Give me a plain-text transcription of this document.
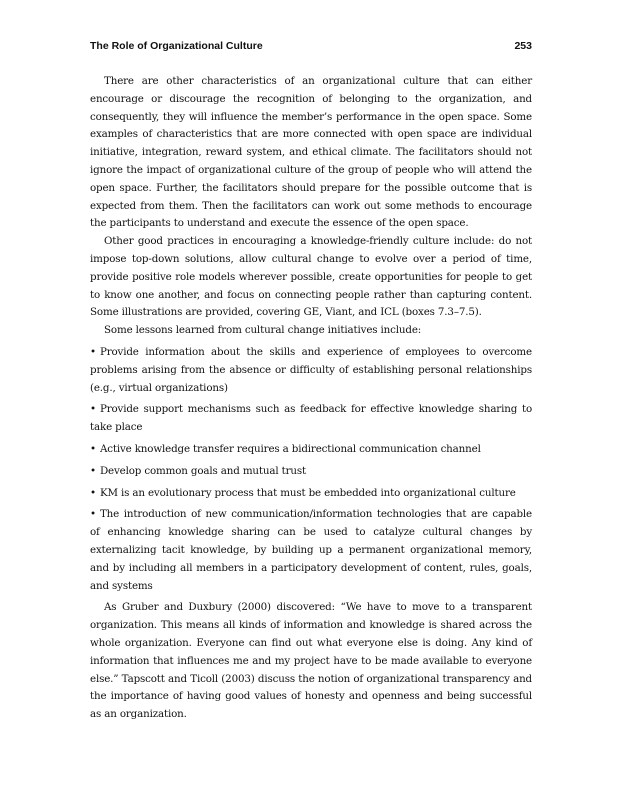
The Role of Organizational Culture	253

There are other characteristics of an organizational culture that can either encourage or discourage the recognition of belonging to the organization, and consequently, they will influence the member’s performance in the open space. Some examples of characteristics that are more connected with open space are individual initiative, integration, reward system, and ethical climate. The facilitators should not ignore the impact of organizational culture of the group of people who will attend the open space. Further, the facilitators should prepare for the possible outcome that is expected from them. Then the facilitators can work out some methods to encourage the participants to understand and execute the essence of the open space.

Other good practices in encouraging a knowledge-friendly culture include: do not impose top-down solutions, allow cultural change to evolve over a period of time, provide positive role models wherever possible, create opportunities for people to get to know one another, and focus on connecting people rather than capturing content. Some illustrations are provided, covering GE, Viant, and ICL (boxes 7.3–7.5).

Some lessons learned from cultural change initiatives include:

• Provide information about the skills and experience of employees to overcome problems arising from the absence or difficulty of establishing personal relationships (e.g., virtual organizations)
• Provide support mechanisms such as feedback for effective knowledge sharing to take place
• Active knowledge transfer requires a bidirectional communication channel
• Develop common goals and mutual trust
• KM is an evolutionary process that must be embedded into organizational culture
• The introduction of new communication/information technologies that are capable of enhancing knowledge sharing can be used to catalyze cultural changes by externalizing tacit knowledge, by building up a permanent organizational memory, and by including all members in a participatory development of content, rules, goals, and systems

As Gruber and Duxbury (2000) discovered: “We have to move to a transparent organization. This means all kinds of information and knowledge is shared across the whole organization. Everyone can find out what everyone else is doing. Any kind of information that influences me and my project have to be made available to everyone else.” Tapscott and Ticoll (2003) discuss the notion of organizational transparency and the importance of having good values of honesty and openness and being successful as an organization.
